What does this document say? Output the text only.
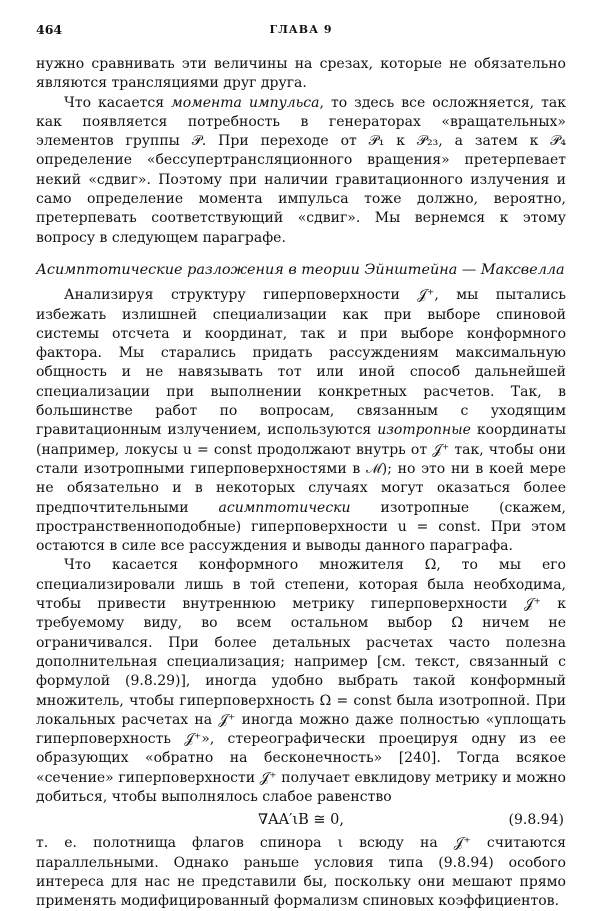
464	ГЛАВА 9

нужно сравнивать эти величины на срезах, которые не обязательно являются трансляциями друг друга.

Что касается момента импульса, то здесь все осложняется, так как появляется потребность в генераторах «вращательных» элементов группы 𝒫. При переходе от 𝒫₁ к 𝒫₂₃, а затем к 𝒫₄ определение «бессупертрансляционного вращения» претерпевает некий «сдвиг». Поэтому при наличии гравитационного излучения и само определение момента импульса тоже должно, вероятно, претерпевать соответствующий «сдвиг». Мы вернемся к этому вопросу в следующем параграфе.

Асимптотические разложения в теории Эйнштейна — Максвелла

Анализируя структуру гиперповерхности 𝒥⁺, мы пытались избежать излишней специализации как при выборе спиновой системы отсчета и координат, так и при выборе конформного фактора. Мы старались придать рассуждениям максимальную общность и не навязывать тот или иной способ дальнейшей специализации при выполнении конкретных расчетов. Так, в большинстве работ по вопросам, связанным с уходящим гравитационным излучением, используются изотропные координаты (например, локусы u = const продолжают внутрь от 𝒥⁺ так, чтобы они стали изотропными гиперповерхностями в ℳ); но это ни в коей мере не обязательно и в некоторых случаях могут оказаться более предпочтительными асимптотически изотропные (скажем, пространственноподобные) гиперповерхности u = const. При этом остаются в силе все рассуждения и выводы данного параграфа.

Что касается конформного множителя Ω, то мы его специализировали лишь в той степени, которая была необходима, чтобы привести внутреннюю метрику гиперповерхности 𝒥⁺ к требуемому виду, во всем остальном выбор Ω ничем не ограничивался. При более детальных расчетах часто полезна дополнительная специализация; например [см. текст, связанный с формулой (9.8.29)], иногда удобно выбрать такой конформный множитель, чтобы гиперповерхность Ω = const была изотропной. При локальных расчетах на 𝒥⁺ иногда можно даже полностью «уплощать гиперповерхность 𝒥⁺», стереографически проецируя одну из ее образующих «обратно на бесконечность» [240]. Тогда всякое «сечение» гиперповерхности 𝒥⁺ получает евклидову метрику и можно добиться, чтобы выполнялось слабое равенство

∇AA′ιB ≅ 0,	(9.8.94)

т. е. полотнища флагов спинора ι всюду на 𝒥⁺ считаются параллельными. Однако раньше условия типа (9.8.94) особого интереса для нас не представили бы, поскольку они мешают прямо применять модифицированный формализм спиновых коэффициентов.
